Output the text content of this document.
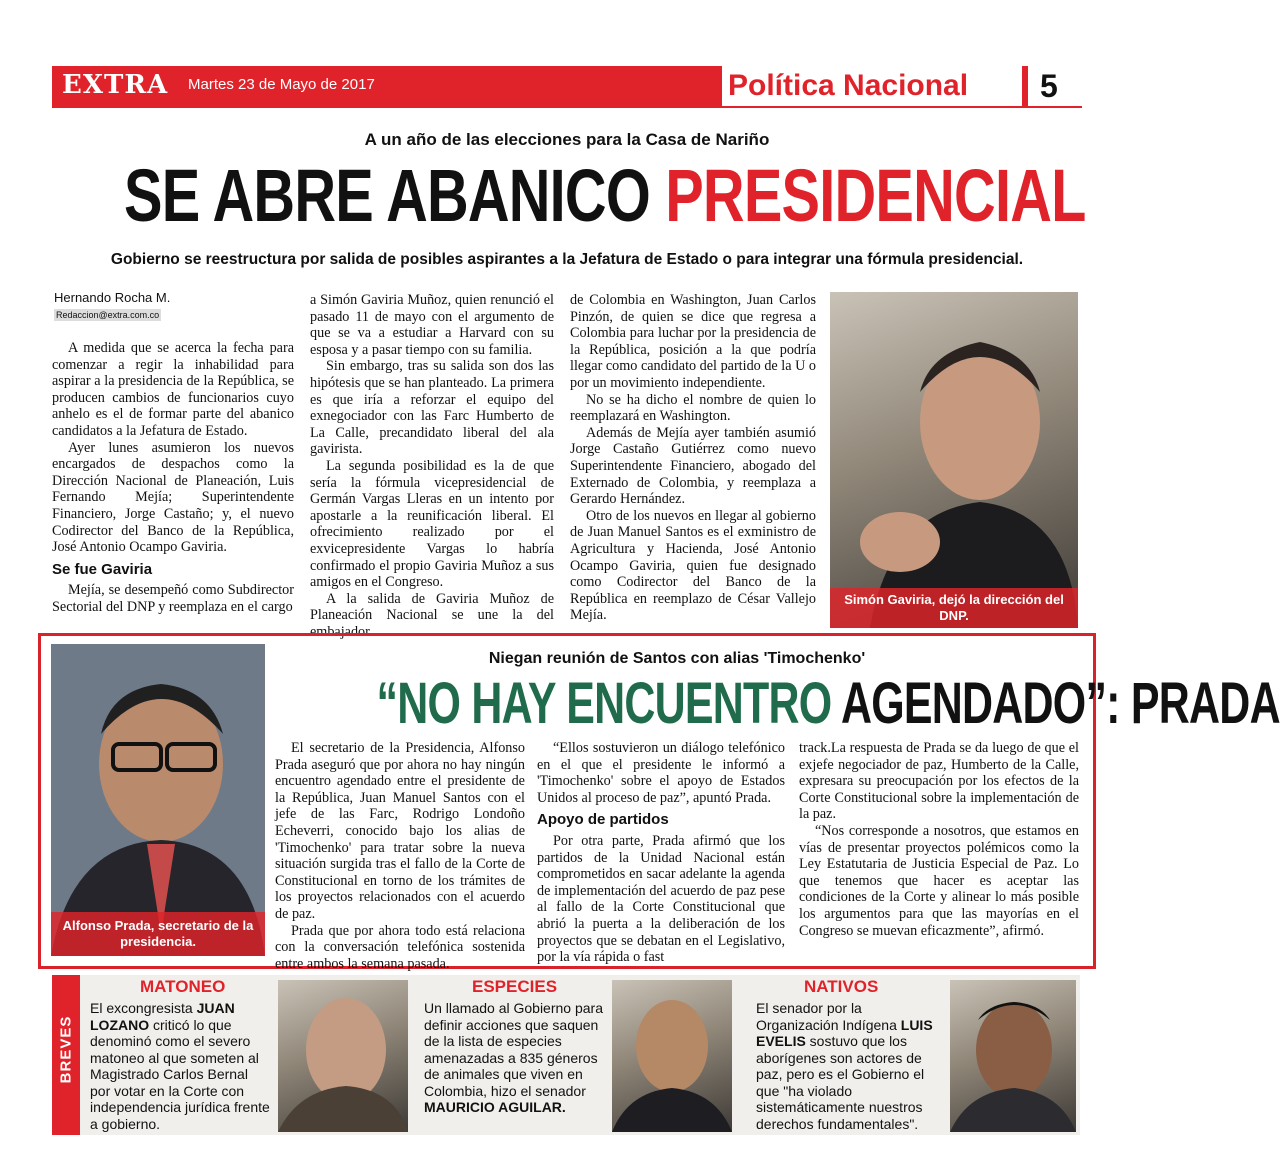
EXTRA Martes 23 de Mayo de 2017	Política Nacional 5
A un año de las elecciones para la Casa de Nariño
SE ABRE ABANICO PRESIDENCIAL
Gobierno se reestructura por salida de posibles aspirantes a la Jefatura de Estado o para integrar una fórmula presidencial.
Hernando Rocha M.
Redaccion@extra.com.co

A medida que se acerca la fecha para comenzar a regir la inhabilidad para aspirar a la presidencia de la República, se producen cambios de funcionarios cuyo anhelo es el de formar parte del abanico candidatos a la Jefatura de Estado.

Ayer lunes asumieron los nuevos encargados de despachos como la Dirección Nacional de Planeación, Luis Fernando Mejía; Superintendente Financiero, Jorge Castaño; y, el nuevo Codirector del Banco de la República, José Antonio Ocampo Gaviria.

Se fue Gaviria

Mejía, se desempeñó como Subdirector Sectorial del DNP y reemplaza en el cargo

a Simón Gaviria Muñoz, quien renunció el pasado 11 de mayo con el argumento de que se va a estudiar a Harvard con su esposa y a pasar tiempo con su familia.

Sin embargo, tras su salida son dos las hipótesis que se han planteado. La primera es que iría a reforzar el equipo del exnegociador con las Farc Humberto de La Calle, precandidato liberal del ala gavirista.

La segunda posibilidad es la de que sería la fórmula vicepresidencial de Germán Vargas Lleras en un intento por apostarle a la reunificación liberal. El ofrecimiento realizado por el exvicepresidente Vargas lo habría confirmado el propio Gaviria Muñoz a sus amigos en el Congreso.

A la salida de Gaviria Muñoz de Planeación Nacional se une la del embajador

de Colombia en Washington, Juan Carlos Pinzón, de quien se dice que regresa a Colombia para luchar por la presidencia de la República, posición a la que podría llegar como candidato del partido de la U o por un movimiento independiente.

No se ha dicho el nombre de quien lo reemplazará en Washington.

Además de Mejía ayer también asumió Jorge Castaño Gutiérrez como nuevo Superintendente Financiero, abogado del Externado de Colombia, y reemplaza a Gerardo Hernández.

Otro de los nuevos en llegar al gobierno de Juan Manuel Santos es el exministro de Agricultura y Hacienda, José Antonio Ocampo Gaviria, quien fue designado como Codirector del Banco de la República en reemplazo de César Vallejo Mejía.

Simón Gaviria, dejó la dirección del DNP.
Alfonso Prada, secretario de la presidencia.
Niegan reunión de Santos con alias 'Timochenko'
“NO HAY ENCUENTRO AGENDADO”: PRADA

El secretario de la Presidencia, Alfonso Prada aseguró que por ahora no hay ningún encuentro agendado entre el presidente de la República, Juan Manuel Santos con el jefe de las Farc, Rodrigo Londoño Echeverri, conocido bajo los alias de 'Timochenko' para tratar sobre la nueva situación surgida tras el fallo de la Corte de Constitucional en torno de los trámites de los proyectos relacionados con el acuerdo de paz.

Prada que por ahora todo está relaciona con la conversación telefónica sostenida entre ambos la semana pasada.

“Ellos sostuvieron un diálogo telefónico en el que el presidente le informó a 'Timochenko' sobre el apoyo de Estados Unidos al proceso de paz”, apuntó Prada.

Apoyo de partidos

Por otra parte, Prada afirmó que los partidos de la Unidad Nacional están comprometidos en sacar adelante la agenda de implementación del acuerdo de paz pese al fallo de la Corte Constitucional que abrió la puerta a la deliberación de los proyectos que se debatan en el Legislativo, por la vía rápida o fast

track.La respuesta de Prada se da luego de que el exjefe negociador de paz, Humberto de la Calle, expresara su preocupación por los efectos de la Corte Constitucional sobre la implementación de la paz.

“Nos corresponde a nosotros, que estamos en vías de presentar proyectos polémicos como la Ley Estatutaria de Justicia Especial de Paz. Lo que tenemos que hacer es aceptar las condiciones de la Corte y alinear lo más posible los argumentos para que las mayorías en el Congreso se muevan eficazmente”, afirmó.

BREVES
MATONEO
El excongresista JUAN LOZANO criticó lo que denominó como el severo matoneo al que someten al Magistrado Carlos Bernal por votar en la Corte con independencia jurídica frente a gobierno.
ESPECIES
Un llamado al Gobierno para definir acciones que saquen de la lista de especies amenazadas a 835 géneros de animales que viven en Colombia, hizo el senador MAURICIO AGUILAR.
NATIVOS
El senador por la Organización Indígena LUIS EVELIS sostuvo que los aborígenes son actores de paz, pero es el Gobierno el que "ha violado sistemáticamente nuestros derechos fundamentales".
